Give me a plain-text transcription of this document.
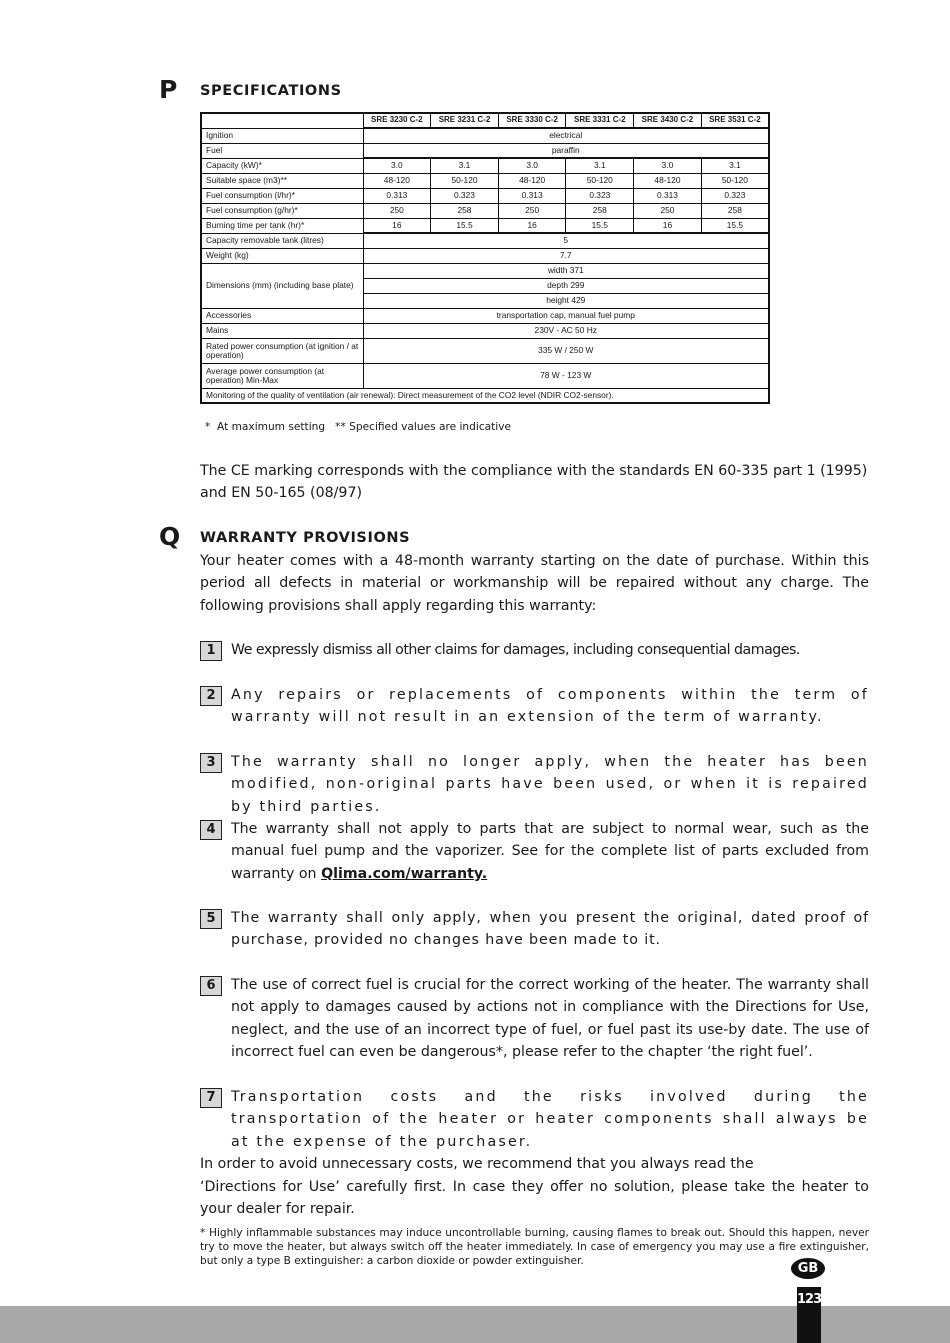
P SPECIFICATIONS
	SRE 3230 C-2	SRE 3231 C-2	SRE 3330 C-2	SRE 3331 C-2	SRE 3430 C-2	SRE 3531 C-2
Ignition	electrical					
Fuel	paraffin					
Capacity (kW)*	3.0	3.1	3.0	3.1	3.0	3.1
Suitable space (m3)**	48-120	50-120	48-120	50-120	48-120	50-120
Fuel consumption (l/hr)*	0.313	0.323	0.313	0.323	0.313	0.323
Fuel consumption (g/hr)*	250	258	250	258	250	258
Burning time per tank (hr)*	16	15.5	16	15.5	16	15.5
Capacity removable tank (litres)	5					
Weight (kg)	7.7					
Dimensions (mm) (including base plate)	width 371					
	depth 299					
	height 429					
Accessories	transportation cap, manual fuel pump					
Mains	230V - AC 50 Hz					
Rated power consumption (at ignition / at operation)	335 W / 250 W					
Average power consumption (at operation) Min-Max	78 W - 123 W					
Monitoring of the quality of ventilation (air renewal): Direct measurement of the CO2 level (NDIR CO2-sensor).						
*  At maximum setting   ** Specified values are indicative
The CE marking corresponds with the compliance with the standards EN 60-335 part 1 (1995) and EN 50-165 (08/97)
Q WARRANTY PROVISIONS
Your heater comes with a 48-month warranty starting on the date of purchase. Within this period all defects in material or workmanship will be repaired without any charge. The following provisions shall apply regarding this warranty:
1	We expressly dismiss all other claims for damages, including consequential damages.
2	Any repairs or replacements of components within the term of warranty will not result in an extension of the term of warranty.
3	The warranty shall no longer apply, when the heater has been modified, non-original parts have been used, or when it is repaired by third parties.
4	The warranty shall not apply to parts that are subject to normal wear, such as the manual fuel pump and the vaporizer. See for the complete list of parts excluded from warranty on Qlima.com/warranty.
5	The warranty shall only apply, when you present the original, dated proof of purchase, provided no changes have been made to it.
6	The use of correct fuel is crucial for the correct working of the heater. The warranty shall not apply to damages caused by actions not in compliance with the Directions for Use, neglect, and the use of an incorrect type of fuel, or fuel past its use-by date. The use of incorrect fuel can even be dangerous*, please refer to the chapter ‘the right fuel’.
7	Transportation costs and the risks involved during the transportation of the heater or heater components shall always be at the expense of the purchaser.
In order to avoid unnecessary costs, we recommend that you always read the
‘Directions for Use’ carefully first. In case they offer no solution, please take the heater to your dealer for repair.
* Highly inflammable substances may induce uncontrollable burning, causing flames to break out. Should this happen, never try to move the heater, but always switch off the heater immediately. In case of emergency you may use a fire extinguisher, but only a type B extinguisher: a carbon dioxide or powder extinguisher.	GB
123
